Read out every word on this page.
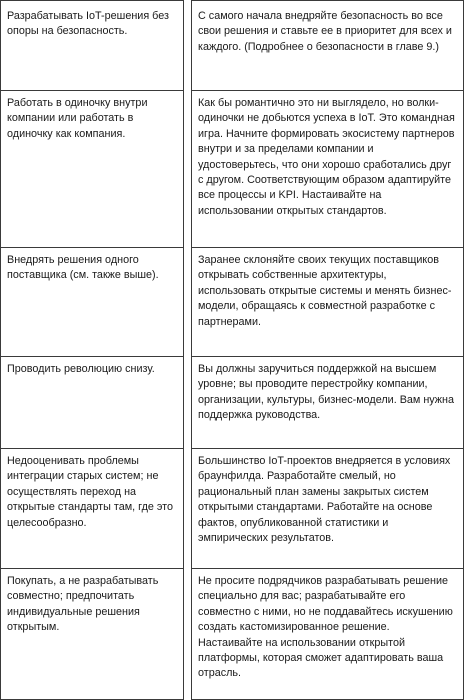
Разрабатывать IoT-решения без опоры на безопасность.		С самого начала внедряйте безопасность во все свои решения и ставьте ее в приоритет для всех и каждого. (Подробнее о безопасности в главе 9.)
Работать в одиночку внутри компании или работать в одиночку как компания.		Как бы романтично это ни выглядело, но волки-одиночки не добьются успеха в IoT. Это командная игра. Начните формировать экосистему партнеров внутри и за пределами компании и удостоверьтесь, что они хорошо сработались друг с другом. Соответствующим образом адаптируйте все процессы и KPI. Настаивайте на использовании открытых стандартов.
Внедрять решения одного поставщика (см. также выше).		Заранее склоняйте своих текущих поставщиков открывать собственные архитектуры, использовать открытые системы и менять бизнес-модели, обращаясь к совместной разработке с партнерами.
Проводить революцию снизу.		Вы должны заручиться поддержкой на высшем уровне; вы проводите перестройку компании, организации, культуры, бизнес-модели. Вам нужна поддержка руководства.
Недооценивать проблемы интеграции старых систем; не осуществлять переход на открытые стандарты там, где это целесообразно.		Большинство IoT-проектов внедряется в условиях браунфилда. Разработайте смелый, но рациональный план замены закрытых систем открытыми стандартами. Работайте на основе фактов, опубликованной статистики и эмпирических результатов.
Покупать, а не разрабатывать совместно; предпочитать индивидуальные решения открытым.		Не просите подрядчиков разрабатывать решение специально для вас; разрабатывайте его совместно с ними, но не поддавайтесь искушению создать кастомизированное решение. Настаивайте на использовании открытой платформы, которая сможет адаптировать ваша отрасль.
